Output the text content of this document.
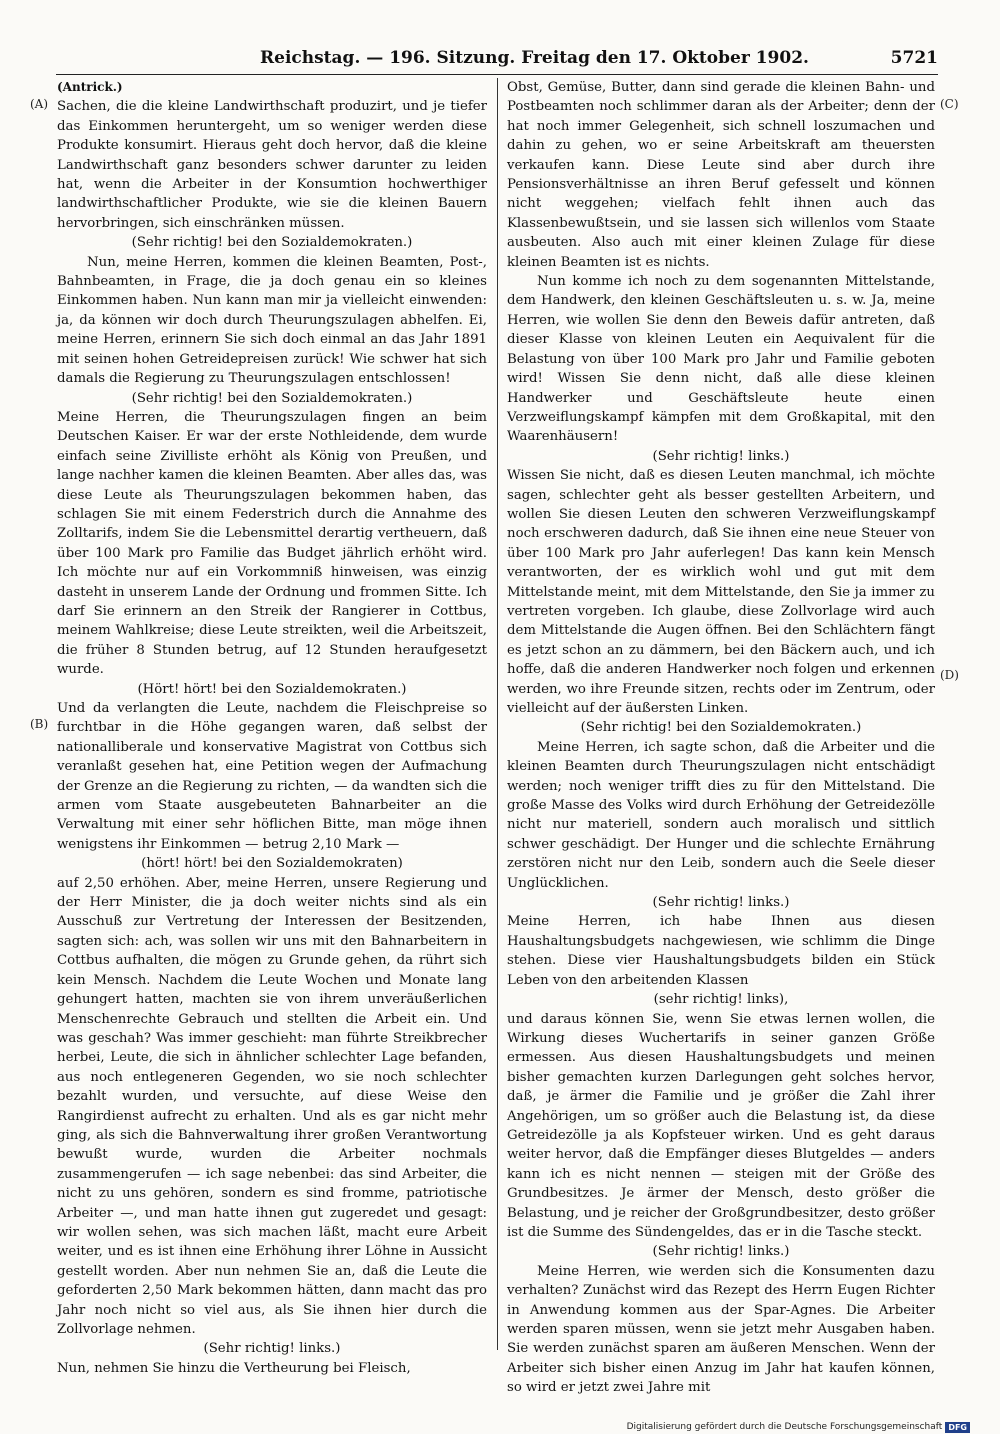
Reichstag. — 196. Sitzung. Freitag den 17. Oktober 1902.	5721
(A)
(B)
(C)
(D)

(Antrick.)

Sachen, die die kleine Landwirthschaft produzirt, und je tiefer das Einkommen heruntergeht, um so weniger werden diese Produkte konsumirt. Hieraus geht doch hervor, daß die kleine Landwirthschaft ganz besonders schwer darunter zu leiden hat, wenn die Arbeiter in der Konsumtion hochwerthiger landwirthschaftlicher Produkte, wie sie die kleinen Bauern hervorbringen, sich einschränken müssen.

(Sehr richtig! bei den Sozialdemokraten.)

Nun, meine Herren, kommen die kleinen Beamten, Post-, Bahnbeamten, in Frage, die ja doch genau ein so kleines Einkommen haben. Nun kann man mir ja vielleicht einwenden: ja, da können wir doch durch Theurungszulagen abhelfen. Ei, meine Herren, erinnern Sie sich doch einmal an das Jahr 1891 mit seinen hohen Getreidepreisen zurück! Wie schwer hat sich damals die Regierung zu Theurungszulagen entschlossen!

(Sehr richtig! bei den Sozialdemokraten.)

Meine Herren, die Theurungszulagen fingen an beim Deutschen Kaiser. Er war der erste Nothleidende, dem wurde einfach seine Zivilliste erhöht als König von Preußen, und lange nachher kamen die kleinen Beamten. Aber alles das, was diese Leute als Theurungszulagen bekommen haben, das schlagen Sie mit einem Federstrich durch die Annahme des Zolltarifs, indem Sie die Lebensmittel derartig vertheuern, daß über 100 Mark pro Familie das Budget jährlich erhöht wird. Ich möchte nur auf ein Vorkommniß hinweisen, was einzig dasteht in unserem Lande der Ordnung und frommen Sitte. Ich darf Sie erinnern an den Streik der Rangierer in Cottbus, meinem Wahlkreise; diese Leute streikten, weil die Arbeitszeit, die früher 8 Stunden betrug, auf 12 Stunden heraufgesetzt wurde.

(Hört! hört! bei den Sozialdemokraten.)

Und da verlangten die Leute, nachdem die Fleischpreise so furchtbar in die Höhe gegangen waren, daß selbst der nationalliberale und konservative Magistrat von Cottbus sich veranlaßt gesehen hat, eine Petition wegen der Aufmachung der Grenze an die Regierung zu richten, — da wandten sich die armen vom Staate ausgebeuteten Bahnarbeiter an die Verwaltung mit einer sehr höflichen Bitte, man möge ihnen wenigstens ihr Einkommen — betrug 2,10 Mark —

(hört! hört! bei den Sozialdemokraten)

auf 2,50 erhöhen. Aber, meine Herren, unsere Regierung und der Herr Minister, die ja doch weiter nichts sind als ein Ausschuß zur Vertretung der Interessen der Besitzenden, sagten sich: ach, was sollen wir uns mit den Bahnarbeitern in Cottbus aufhalten, die mögen zu Grunde gehen, da rührt sich kein Mensch. Nachdem die Leute Wochen und Monate lang gehungert hatten, machten sie von ihrem unveräußerlichen Menschenrechte Gebrauch und stellten die Arbeit ein. Und was geschah? Was immer geschieht: man führte Streikbrecher herbei, Leute, die sich in ähnlicher schlechter Lage befanden, aus noch entlegeneren Gegenden, wo sie noch schlechter bezahlt wurden, und versuchte, auf diese Weise den Rangirdienst aufrecht zu erhalten. Und als es gar nicht mehr ging, als sich die Bahnverwaltung ihrer großen Verantwortung bewußt wurde, wurden die Arbeiter nochmals zusammengerufen — ich sage nebenbei: das sind Arbeiter, die nicht zu uns gehören, sondern es sind fromme, patriotische Arbeiter —, und man hatte ihnen gut zugeredet und gesagt: wir wollen sehen, was sich machen läßt, macht eure Arbeit weiter, und es ist ihnen eine Erhöhung ihrer Löhne in Aussicht gestellt worden. Aber nun nehmen Sie an, daß die Leute die geforderten 2,50 Mark bekommen hätten, dann macht das pro Jahr noch nicht so viel aus, als Sie ihnen hier durch die Zollvorlage nehmen.

(Sehr richtig! links.)

Nun, nehmen Sie hinzu die Vertheurung bei Fleisch,

Obst, Gemüse, Butter, dann sind gerade die kleinen Bahn- und Postbeamten noch schlimmer daran als der Arbeiter; denn der hat noch immer Gelegenheit, sich schnell loszumachen und dahin zu gehen, wo er seine Arbeitskraft am theuersten verkaufen kann. Diese Leute sind aber durch ihre Pensionsverhältnisse an ihren Beruf gefesselt und können nicht weggehen; vielfach fehlt ihnen auch das Klassenbewußtsein, und sie lassen sich willenlos vom Staate ausbeuten. Also auch mit einer kleinen Zulage für diese kleinen Beamten ist es nichts.

Nun komme ich noch zu dem sogenannten Mittelstande, dem Handwerk, den kleinen Geschäftsleuten u. s. w. Ja, meine Herren, wie wollen Sie denn den Beweis dafür antreten, daß dieser Klasse von kleinen Leuten ein Aequivalent für die Belastung von über 100 Mark pro Jahr und Familie geboten wird! Wissen Sie denn nicht, daß alle diese kleinen Handwerker und Geschäftsleute heute einen Verzweiflungskampf kämpfen mit dem Großkapital, mit den Waarenhäusern!

(Sehr richtig! links.)

Wissen Sie nicht, daß es diesen Leuten manchmal, ich möchte sagen, schlechter geht als besser gestellten Arbeitern, und wollen Sie diesen Leuten den schweren Verzweiflungskampf noch erschweren dadurch, daß Sie ihnen eine neue Steuer von über 100 Mark pro Jahr auferlegen! Das kann kein Mensch verantworten, der es wirklich wohl und gut mit dem Mittelstande meint, mit dem Mittelstande, den Sie ja immer zu vertreten vorgeben. Ich glaube, diese Zollvorlage wird auch dem Mittelstande die Augen öffnen. Bei den Schlächtern fängt es jetzt schon an zu dämmern, bei den Bäckern auch, und ich hoffe, daß die anderen Handwerker noch folgen und erkennen werden, wo ihre Freunde sitzen, rechts oder im Zentrum, oder vielleicht auf der äußersten Linken.

(Sehr richtig! bei den Sozialdemokraten.)

Meine Herren, ich sagte schon, daß die Arbeiter und die kleinen Beamten durch Theurungszulagen nicht entschädigt werden; noch weniger trifft dies zu für den Mittelstand. Die große Masse des Volks wird durch Erhöhung der Getreidezölle nicht nur materiell, sondern auch moralisch und sittlich schwer geschädigt. Der Hunger und die schlechte Ernährung zerstören nicht nur den Leib, sondern auch die Seele dieser Unglücklichen.

(Sehr richtig! links.)

Meine Herren, ich habe Ihnen aus diesen Haushaltungsbudgets nachgewiesen, wie schlimm die Dinge stehen. Diese vier Haushaltungsbudgets bilden ein Stück Leben von den arbeitenden Klassen

(sehr richtig! links),

und daraus können Sie, wenn Sie etwas lernen wollen, die Wirkung dieses Wuchertarifs in seiner ganzen Größe ermessen. Aus diesen Haushaltungsbudgets und meinen bisher gemachten kurzen Darlegungen geht solches hervor, daß, je ärmer die Familie und je größer die Zahl ihrer Angehörigen, um so größer auch die Belastung ist, da diese Getreidezölle ja als Kopfsteuer wirken. Und es geht daraus weiter hervor, daß die Empfänger dieses Blutgeldes — anders kann ich es nicht nennen — steigen mit der Größe des Grundbesitzes. Je ärmer der Mensch, desto größer die Belastung, und je reicher der Großgrundbesitzer, desto größer ist die Summe des Sündengeldes, das er in die Tasche steckt.

(Sehr richtig! links.)

Meine Herren, wie werden sich die Konsumenten dazu verhalten? Zunächst wird das Rezept des Herrn Eugen Richter in Anwendung kommen aus der Spar-Agnes. Die Arbeiter werden sparen müssen, wenn sie jetzt mehr Ausgaben haben. Sie werden zunächst sparen am äußeren Menschen. Wenn der Arbeiter sich bisher einen Anzug im Jahr hat kaufen können, so wird er jetzt zwei Jahre mit

Digitalisierung gefördert durch die Deutsche Forschungsgemeinschaft DFG
